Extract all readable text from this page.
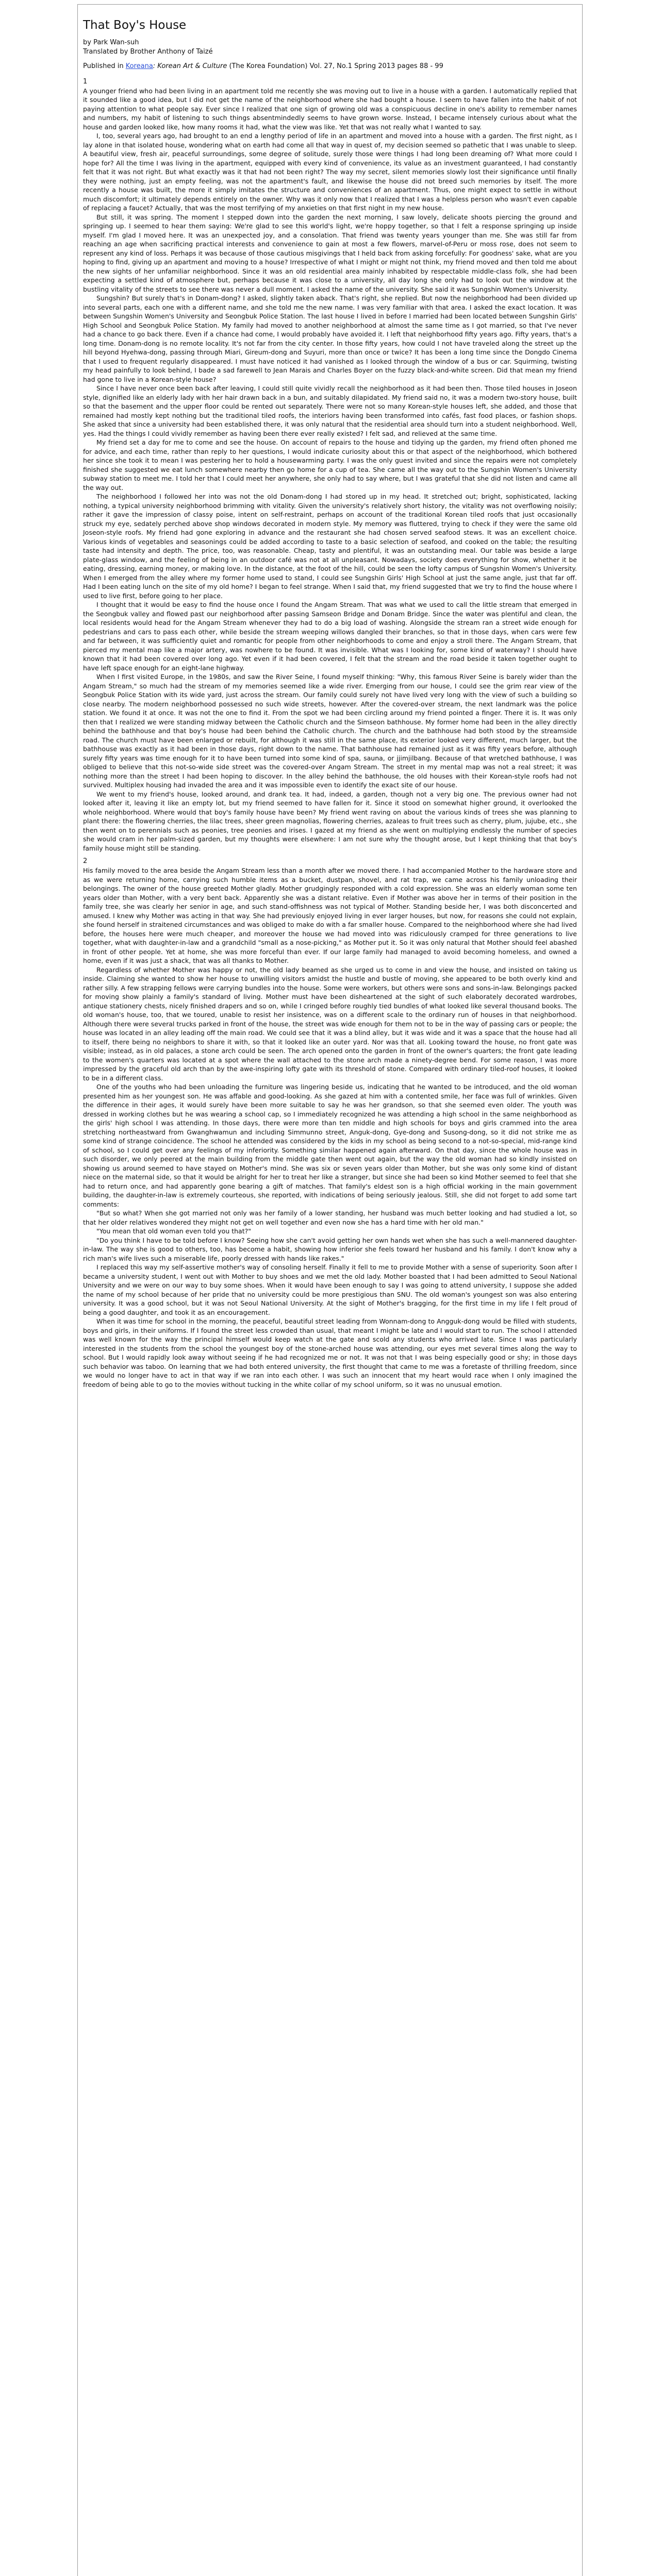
That Boy's House

by Park Wan-suh

Translated by Brother Anthony of Taizé

Published in Koreana: Korean Art & Culture (The Korea Foundation) Vol. 27, No.1 Spring 2013 pages 88 - 99

1

A younger friend who had been living in an apartment told me recently she was moving out to live in a house with a garden. I automatically replied that it sounded like a good idea, but I did not get the name of the neighborhood where she had bought a house. I seem to have fallen into the habit of not paying attention to what people say. Ever since I realized that one sign of growing old was a conspicuous decline in one's ability to remember names and numbers, my habit of listening to such things absentmindedly seems to have grown worse. Instead, I became intensely curious about what the house and garden looked like, how many rooms it had, what the view was like. Yet that was not really what I wanted to say.

I, too, several years ago, had brought to an end a lengthy period of life in an apartment and moved into a house with a garden. The first night, as I lay alone in that isolated house, wondering what on earth had come all that way in quest of, my decision seemed so pathetic that I was unable to sleep. A beautiful view, fresh air, peaceful surroundings, some degree of solitude, surely those were things I had long been dreaming of? What more could I hope for? All the time I was living in the apartment, equipped with every kind of convenience, its value as an investment guaranteed, I had constantly felt that it was not right. But what exactly was it that had not been right? The way my secret, silent memories slowly lost their significance until finally they were nothing, just an empty feeling, was not the apartment's fault, and likewise the house did not breed such memories by itself. The more recently a house was built, the more it simply imitates the structure and conveniences of an apartment. Thus, one might expect to settle in without much discomfort; it ultimately depends entirely on the owner. Why was it only now that I realized that I was a helpless person who wasn't even capable of replacing a faucet? Actually, that was the most terrifying of my anxieties on that first night in my new house.

But still, it was spring. The moment I stepped down into the garden the next morning, I saw lovely, delicate shoots piercing the ground and springing up. I seemed to hear them saying: We're glad to see this world's light, we're hoppy together, so that I felt a response springing up inside myself. I'm glad I moved here. It was an unexpected joy, and a consolation. That friend was twenty years younger than me. She was still far from reaching an age when sacrificing practical interests and convenience to gain at most a few flowers, marvel-of-Peru or moss rose, does not seem to represent any kind of loss. Perhaps it was because of those cautious misgivings that I held back from asking forcefully: For goodness' sake, what are you hoping to find, giving up an apartment and moving to a house? Irrespective of what I might or might not think, my friend moved and then told me about the new sights of her unfamiliar neighborhood. Since it was an old residential area mainly inhabited by respectable middle-class folk, she had been expecting a settled kind of atmosphere but, perhaps because it was close to a university, all day long she only had to look out the window at the bustling vitality of the streets to see there was never a dull moment. I asked the name of the university. She said it was Sungshin Women's University.

Sungshin? But surely that's in Donam-dong? I asked, slightly taken aback. That's right, she replied. But now the neighborhood had been divided up into several parts, each one with a different name, and she told me the new name. I was very familiar with that area. I asked the exact location. It was between Sungshin Women's University and Seongbuk Police Station. The last house I lived in before I married had been located between Sungshin Girls' High School and Seongbuk Police Station. My family had moved to another neighborhood at almost the same time as I got married, so that I've never had a chance to go back there. Even if a chance had come, I would probably have avoided it. I left that neighborhood fifty years ago. Fifty years, that's a long time. Donam-dong is no remote locality. It's not far from the city center. In those fifty years, how could I not have traveled along the street up the hill beyond Hyehwa-dong, passing through Miari, Gireum-dong and Suyuri, more than once or twice? It has been a long time since the Dongdo Cinema that I used to frequent regularly disappeared. I must have noticed it had vanished as I looked through the window of a bus or car. Squirming, twisting my head painfully to look behind, I bade a sad farewell to Jean Marais and Charles Boyer on the fuzzy black-and-white screen. Did that mean my friend had gone to live in a Korean-style house?

Since I have never once been back after leaving, I could still quite vividly recall the neighborhood as it had been then. Those tiled houses in Joseon style, dignified like an elderly lady with her hair drawn back in a bun, and suitably dilapidated. My friend said no, it was a modern two-story house, built so that the basement and the upper floor could be rented out separately. There were not so many Korean-style houses left, she added, and those that remained had mostly kept nothing but the traditional tiled roofs, the interiors having been transformed into cafés, fast food places, or fashion shops. She asked that since a university had been established there, it was only natural that the residential area should turn into a student neighborhood. Well, yes. Had the things I could vividly remember as having been there ever really existed? I felt sad, and relieved at the same time.

My friend set a day for me to come and see the house. On account of repairs to the house and tidying up the garden, my friend often phoned me for advice, and each time, rather than reply to her questions, I would indicate curiosity about this or that aspect of the neighborhood, which bothered her since she took it to mean I was pestering her to hold a housewarming party. I was the only guest invited and since the repairs were not completely finished she suggested we eat lunch somewhere nearby then go home for a cup of tea. She came all the way out to the Sungshin Women's University subway station to meet me. I told her that I could meet her anywhere, she only had to say where, but I was grateful that she did not listen and came all the way out.

The neighborhood I followed her into was not the old Donam-dong I had stored up in my head. It stretched out; bright, sophisticated, lacking nothing, a typical university neighborhood brimming with vitality. Given the university's relatively short history, the vitality was not overflowing noisily; rather it gave the impression of classy poise, intent on self-restraint, perhaps on account of the traditional Korean tiled roofs that just occasionally struck my eye, sedately perched above shop windows decorated in modern style. My memory was fluttered, trying to check if they were the same old Joseon-style roofs. My friend had gone exploring in advance and the restaurant she had chosen served seafood stews. It was an excellent choice. Various kinds of vegetables and seasonings could be added according to taste to a basic selection of seafood, and cooked on the table; the resulting taste had intensity and depth. The price, too, was reasonable. Cheap, tasty and plentiful, it was an outstanding meal. Our table was beside a large plate-glass window, and the feeling of being in an outdoor café was not at all unpleasant. Nowadays, society does everything for show, whether it be eating, dressing, earning money, or making love. In the distance, at the foot of the hill, could be seen the lofty campus of Sungshin Women's University. When I emerged from the alley where my former home used to stand, I could see Sungshin Girls' High School at just the same angle, just that far off. Had I been eating lunch on the site of my old home? I began to feel strange. When I said that, my friend suggested that we try to find the house where I used to live first, before going to her place.

I thought that it would be easy to find the house once I found the Angam Stream. That was what we used to call the little stream that emerged in the Seongbuk valley and flowed past our neighborhood after passing Samseon Bridge and Donam Bridge. Since the water was plentiful and clean, the local residents would head for the Angam Stream whenever they had to do a big load of washing. Alongside the stream ran a street wide enough for pedestrians and cars to pass each other, while beside the stream weeping willows dangled their branches, so that in those days, when cars were few and far between, it was sufficiently quiet and romantic for people from other neighborhoods to come and enjoy a stroll there. The Angam Stream, that pierced my mental map like a major artery, was nowhere to be found. It was invisible. What was I looking for, some kind of waterway? I should have known that it had been covered over long ago. Yet even if it had been covered, I felt that the stream and the road beside it taken together ought to have left space enough for an eight-lane highway.

When I first visited Europe, in the 1980s, and saw the River Seine, I found myself thinking: "Why, this famous River Seine is barely wider than the Angam Stream," so much had the stream of my memories seemed like a wide river. Emerging from our house, I could see the grim rear view of the Seongbuk Police Station with its wide yard, just across the stream. Our family could surely not have lived very long with the view of such a building so close nearby. The modern neighborhood possessed no such wide streets, however. After the covered-over stream, the next landmark was the police station. We found it at once. It was not the one to find it. From the spot we had been circling around my friend pointed a finger. There it is. It was only then that I realized we were standing midway between the Catholic church and the Simseon bathhouse. My former home had been in the alley directly behind the bathhouse and that boy's house had been behind the Catholic church. The church and the bathhouse had both stood by the streamside road. The church must have been enlarged or rebuilt, for although it was still in the same place, its exterior looked very different, much larger, but the bathhouse was exactly as it had been in those days, right down to the name. That bathhouse had remained just as it was fifty years before, although surely fifty years was time enough for it to have been turned into some kind of spa, sauna, or jjimjilbang. Because of that wretched bathhouse, I was obliged to believe that this not-so-wide side street was the covered-over Angam Stream. The street in my mental map was not a real street; it was nothing more than the street I had been hoping to discover. In the alley behind the bathhouse, the old houses with their Korean-style roofs had not survived. Multiplex housing had invaded the area and it was impossible even to identify the exact site of our house.

We went to my friend's house, looked around, and drank tea. It had, indeed, a garden, though not a very big one. The previous owner had not looked after it, leaving it like an empty lot, but my friend seemed to have fallen for it. Since it stood on somewhat higher ground, it overlooked the whole neighborhood. Where would that boy's family house have been? My friend went raving on about the various kinds of trees she was planning to plant there: the flowering cherries, the lilac trees, sheer green magnolias, flowering cherries, azaleas to fruit trees such as cherry, plum, jujube, etc., she then went on to perennials such as peonies, tree peonies and irises. I gazed at my friend as she went on multiplying endlessly the number of species she would cram in her palm-sized garden, but my thoughts were elsewhere: I am not sure why the thought arose, but I kept thinking that that boy's family house might still be standing.

2

His family moved to the area beside the Angam Stream less than a month after we moved there. I had accompanied Mother to the hardware store and as we were returning home, carrying such humble items as a bucket, dustpan, shovel, and rat trap, we came across his family unloading their belongings. The owner of the house greeted Mother gladly. Mother grudgingly responded with a cold expression. She was an elderly woman some ten years older than Mother, with a very bent back. Apparently she was a distant relative. Even if Mother was above her in terms of their position in the family tree, she was clearly her senior in age, and such stand-offishness was not typical of Mother. Standing beside her, I was both disconcerted and amused. I knew why Mother was acting in that way. She had previously enjoyed living in ever larger houses, but now, for reasons she could not explain, she found herself in straitened circumstances and was obliged to make do with a far smaller house. Compared to the neighborhood where she had lived before, the houses here were much cheaper, and moreover the house we had moved into was ridiculously cramped for three generations to live together, what with daughter-in-law and a grandchild "small as a nose-picking," as Mother put it. So it was only natural that Mother should feel abashed in front of other people. Yet at home, she was more forceful than ever. If our large family had managed to avoid becoming homeless, and owned a home, even if it was just a shack, that was all thanks to Mother.

Regardless of whether Mother was happy or not, the old lady beamed as she urged us to come in and view the house, and insisted on taking us inside. Claiming she wanted to show her house to unwilling visitors amidst the hustle and bustle of moving, she appeared to be both overly kind and rather silly. A few strapping fellows were carrying bundles into the house. Some were workers, but others were sons and sons-in-law. Belongings packed for moving show plainly a family's standard of living. Mother must have been disheartened at the sight of such elaborately decorated wardrobes, antique stationery chests, nicely finished drapers and so on, while I cringed before roughly tied bundles of what looked like several thousand books. The old woman's house, too, that we toured, unable to resist her insistence, was on a different scale to the ordinary run of houses in that neighborhood. Although there were several trucks parked in front of the house, the street was wide enough for them not to be in the way of passing cars or people; the house was located in an alley leading off the main road. We could see that it was a blind alley, but it was wide and it was a space that the house had all to itself, there being no neighbors to share it with, so that it looked like an outer yard. Nor was that all. Looking toward the house, no front gate was visible; instead, as in old palaces, a stone arch could be seen. The arch opened onto the garden in front of the owner's quarters; the front gate leading to the women's quarters was located at a spot where the wall attached to the stone arch made a ninety-degree bend. For some reason, I was more impressed by the graceful old arch than by the awe-inspiring lofty gate with its threshold of stone. Compared with ordinary tiled-roof houses, it looked to be in a different class.

One of the youths who had been unloading the furniture was lingering beside us, indicating that he wanted to be introduced, and the old woman presented him as her youngest son. He was affable and good-looking. As she gazed at him with a contented smile, her face was full of wrinkles. Given the difference in their ages, it would surely have been more suitable to say he was her grandson, so that she seemed even older. The youth was dressed in working clothes but he was wearing a school cap, so I immediately recognized he was attending a high school in the same neighborhood as the girls' high school I was attending. In those days, there were more than ten middle and high schools for boys and girls crammed into the area stretching northeastward from Gwanghwamun and including Simmunno street, Anguk-dong, Gye-dong and Susong-dong, so it did not strike me as some kind of strange coincidence. The school he attended was considered by the kids in my school as being second to a not-so-special, mid-range kind of school, so I could get over any feelings of my inferiority. Something similar happened again afterward. On that day, since the whole house was in such disorder, we only peered at the main building from the middle gate then went out again, but the way the old woman had so kindly insisted on showing us around seemed to have stayed on Mother's mind. She was six or seven years older than Mother, but she was only some kind of distant niece on the maternal side, so that it would be alright for her to treat her like a stranger, but since she had been so kind Mother seemed to feel that she had to return once, and had apparently gone bearing a gift of matches. That family's eldest son is a high official working in the main government building, the daughter-in-law is extremely courteous, she reported, with indications of being seriously jealous. Still, she did not forget to add some tart comments:

"But so what? When she got married not only was her family of a lower standing, her husband was much better looking and had studied a lot, so that her older relatives wondered they might not get on well together and even now she has a hard time with her old man."

"You mean that old woman even told you that?"

"Do you think I have to be told before I know? Seeing how she can't avoid getting her own hands wet when she has such a well-mannered daughter-in-law. The way she is good to others, too, has become a habit, showing how inferior she feels toward her husband and his family. I don't know why a rich man's wife lives such a miserable life, poorly dressed with hands like rakes."

I replaced this way my self-assertive mother's way of consoling herself. Finally it fell to me to provide Mother with a sense of superiority. Soon after I became a university student, I went out with Mother to buy shoes and we met the old lady. Mother boasted that I had been admitted to Seoul National University and we were on our way to buy some shoes. When it would have been enough to say I was going to attend university, I suppose she added the name of my school because of her pride that no university could be more prestigious than SNU. The old woman's youngest son was also entering university. It was a good school, but it was not Seoul National University. At the sight of Mother's bragging, for the first time in my life I felt proud of being a good daughter, and took it as an encouragement.

When it was time for school in the morning, the peaceful, beautiful street leading from Wonnam-dong to Angguk-dong would be filled with students, boys and girls, in their uniforms. If I found the street less crowded than usual, that meant I might be late and I would start to run. The school I attended was well known for the way the principal himself would keep watch at the gate and scold any students who arrived late. Since I was particularly interested in the students from the school the youngest boy of the stone-arched house was attending, our eyes met several times along the way to school. But I would rapidly look away without seeing if he had recognized me or not. It was not that I was being especially good or shy; in those days such behavior was taboo. On learning that we had both entered university, the first thought that came to me was a foretaste of thrilling freedom, since we would no longer have to act in that way if we ran into each other. I was such an innocent that my heart would race when I only imagined the freedom of being able to go to the movies without tucking in the white collar of my school uniform, so it was no unusual emotion.
